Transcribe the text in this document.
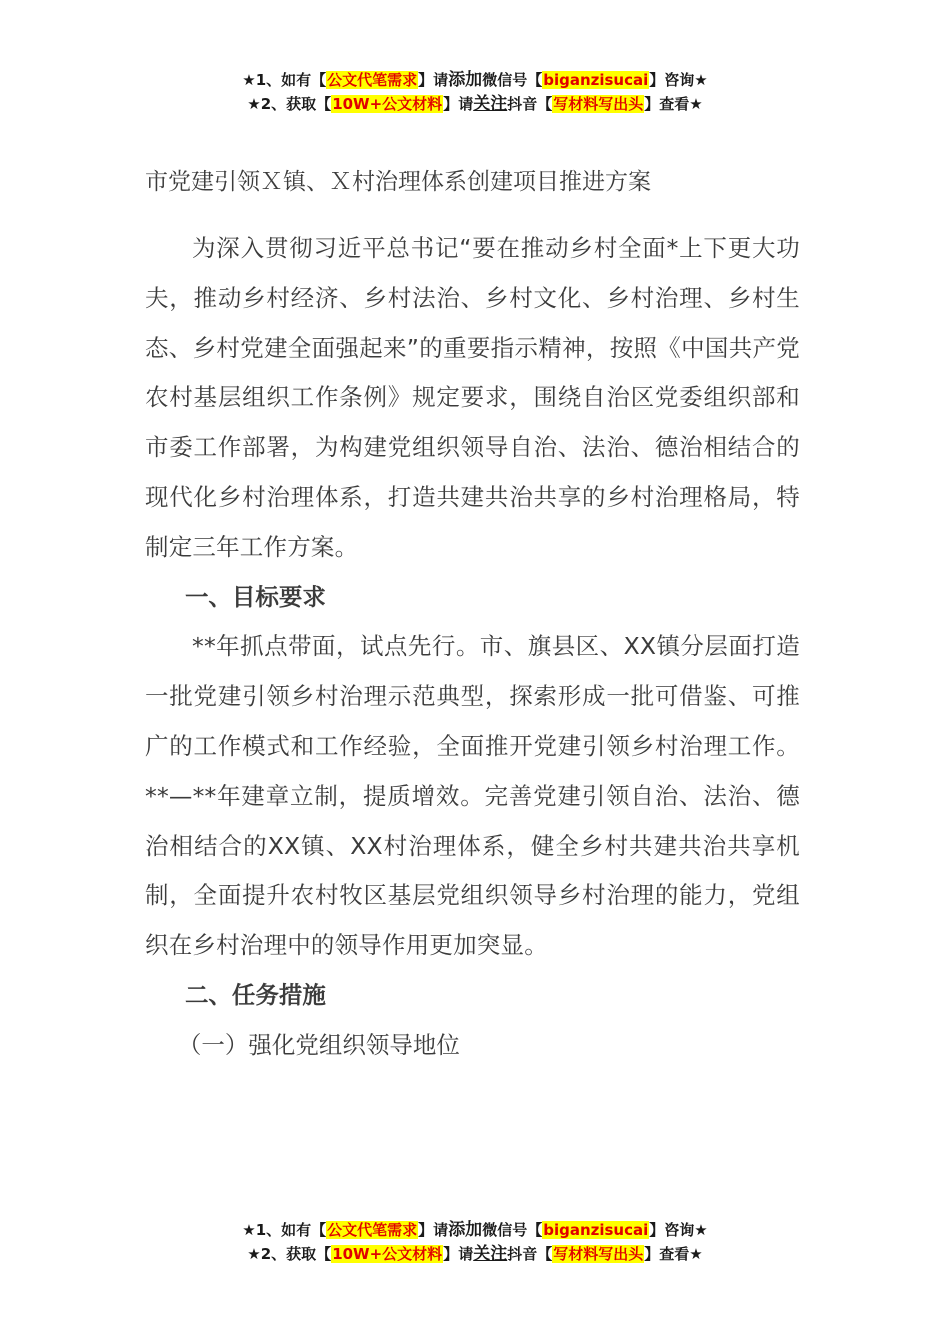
★1、如有【公文代笔需求】请添加微信号【biganzisucai】咨询★
★2、获取【10W+公文材料】请关注抖音【写材料写出头】查看★
市党建引领Ｘ镇、Ｘ村治理体系创建项目推进方案

为深入贯彻习近平总书记“要在推动乡村全面*上下更大功夫，推动乡村经济、乡村法治、乡村文化、乡村治理、乡村生态、乡村党建全面强起来”的重要指示精神，按照《中国共产党农村基层组织工作条例》规定要求，围绕自治区党委组织部和市委工作部署，为构建党组织领导自治、法治、德治相结合的现代化乡村治理体系，打造共建共治共享的乡村治理格局，特制定三年工作方案。

一、目标要求

**年抓点带面，试点先行。市、旗县区、XX镇分层面打造一批党建引领乡村治理示范典型，探索形成一批可借鉴、可推广的工作模式和工作经验，全面推开党建引领乡村治理工作。**—**年建章立制，提质增效。完善党建引领自治、法治、德治相结合的XX镇、XX村治理体系，健全乡村共建共治共享机制，全面提升农村牧区基层党组织领导乡村治理的能力，党组织在乡村治理中的领导作用更加突显。

二、任务措施

（一）强化党组织领导地位

★1、如有【公文代笔需求】请添加微信号【biganzisucai】咨询★
★2、获取【10W+公文材料】请关注抖音【写材料写出头】查看★
